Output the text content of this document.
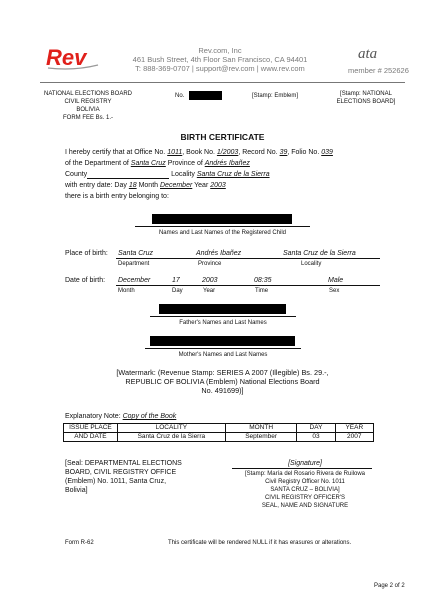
Rev	Rev.com, Inc
461 Bush Street, 4th Floor San Francisco, CA 94401
T: 888-369-0707 | support@rev.com | www.rev.com
ata
member # 252626
NATIONAL ELECTIONS BOARD
CIVIL REGISTRY
BOLIVIA
FORM FEE Bs. 1.-
No.	[Stamp: Emblem]	[Stamp: NATIONAL
ELECTIONS BOARD]
BIRTH CERTIFICATE
I hereby certify that at Office No. 1011, Book No. 1/2003, Record No. 39, Folio No. 039
of the Department of Santa Cruz Province of Andrés Ibañez
County	Locality Santa Cruz de la Sierra
with entry date: Day 18 Month December Year 2003
there is a birth entry belonging to:
Names and Last Names of the Registered Child
Place of birth: Santa Cruz	Andrés Ibañez	Santa Cruz de la Sierra
Department	Province	Locality
Date of birth: December	17	2003	08:35	Male
Month	Day	Year	Time	Sex
Father's Names and Last Names
Mother's Names and Last Names
[Watermark: (Revenue Stamp: SERIES A 2007 (Illegible) Bs. 29.-,
REPUBLIC OF BOLIVIA (Emblem) National Elections Board
No. 491699)]
Explanatory Note: Copy of the Book
ISSUE PLACE	LOCALITY	MONTH	DAY	YEAR
AND DATE	Santa Cruz de la Sierra	September	03	2007
[Seal: DEPARTMENTAL ELECTIONS
BOARD, CIVIL REGISTRY OFFICE
(Emblem) No. 1011, Santa Cruz,
Bolivia]
[Signature]
[Stamp: María del Rosario Rivera de Ruilowa
Civil Registry Officer No. 1011
SANTA CRUZ – BOLIVIA]
CIVIL REGISTRY OFFICER'S
SEAL, NAME AND SIGNATURE
Form R-62	This certificate will be rendered NULL if it has erasures or alterations.
Page 2 of 2
